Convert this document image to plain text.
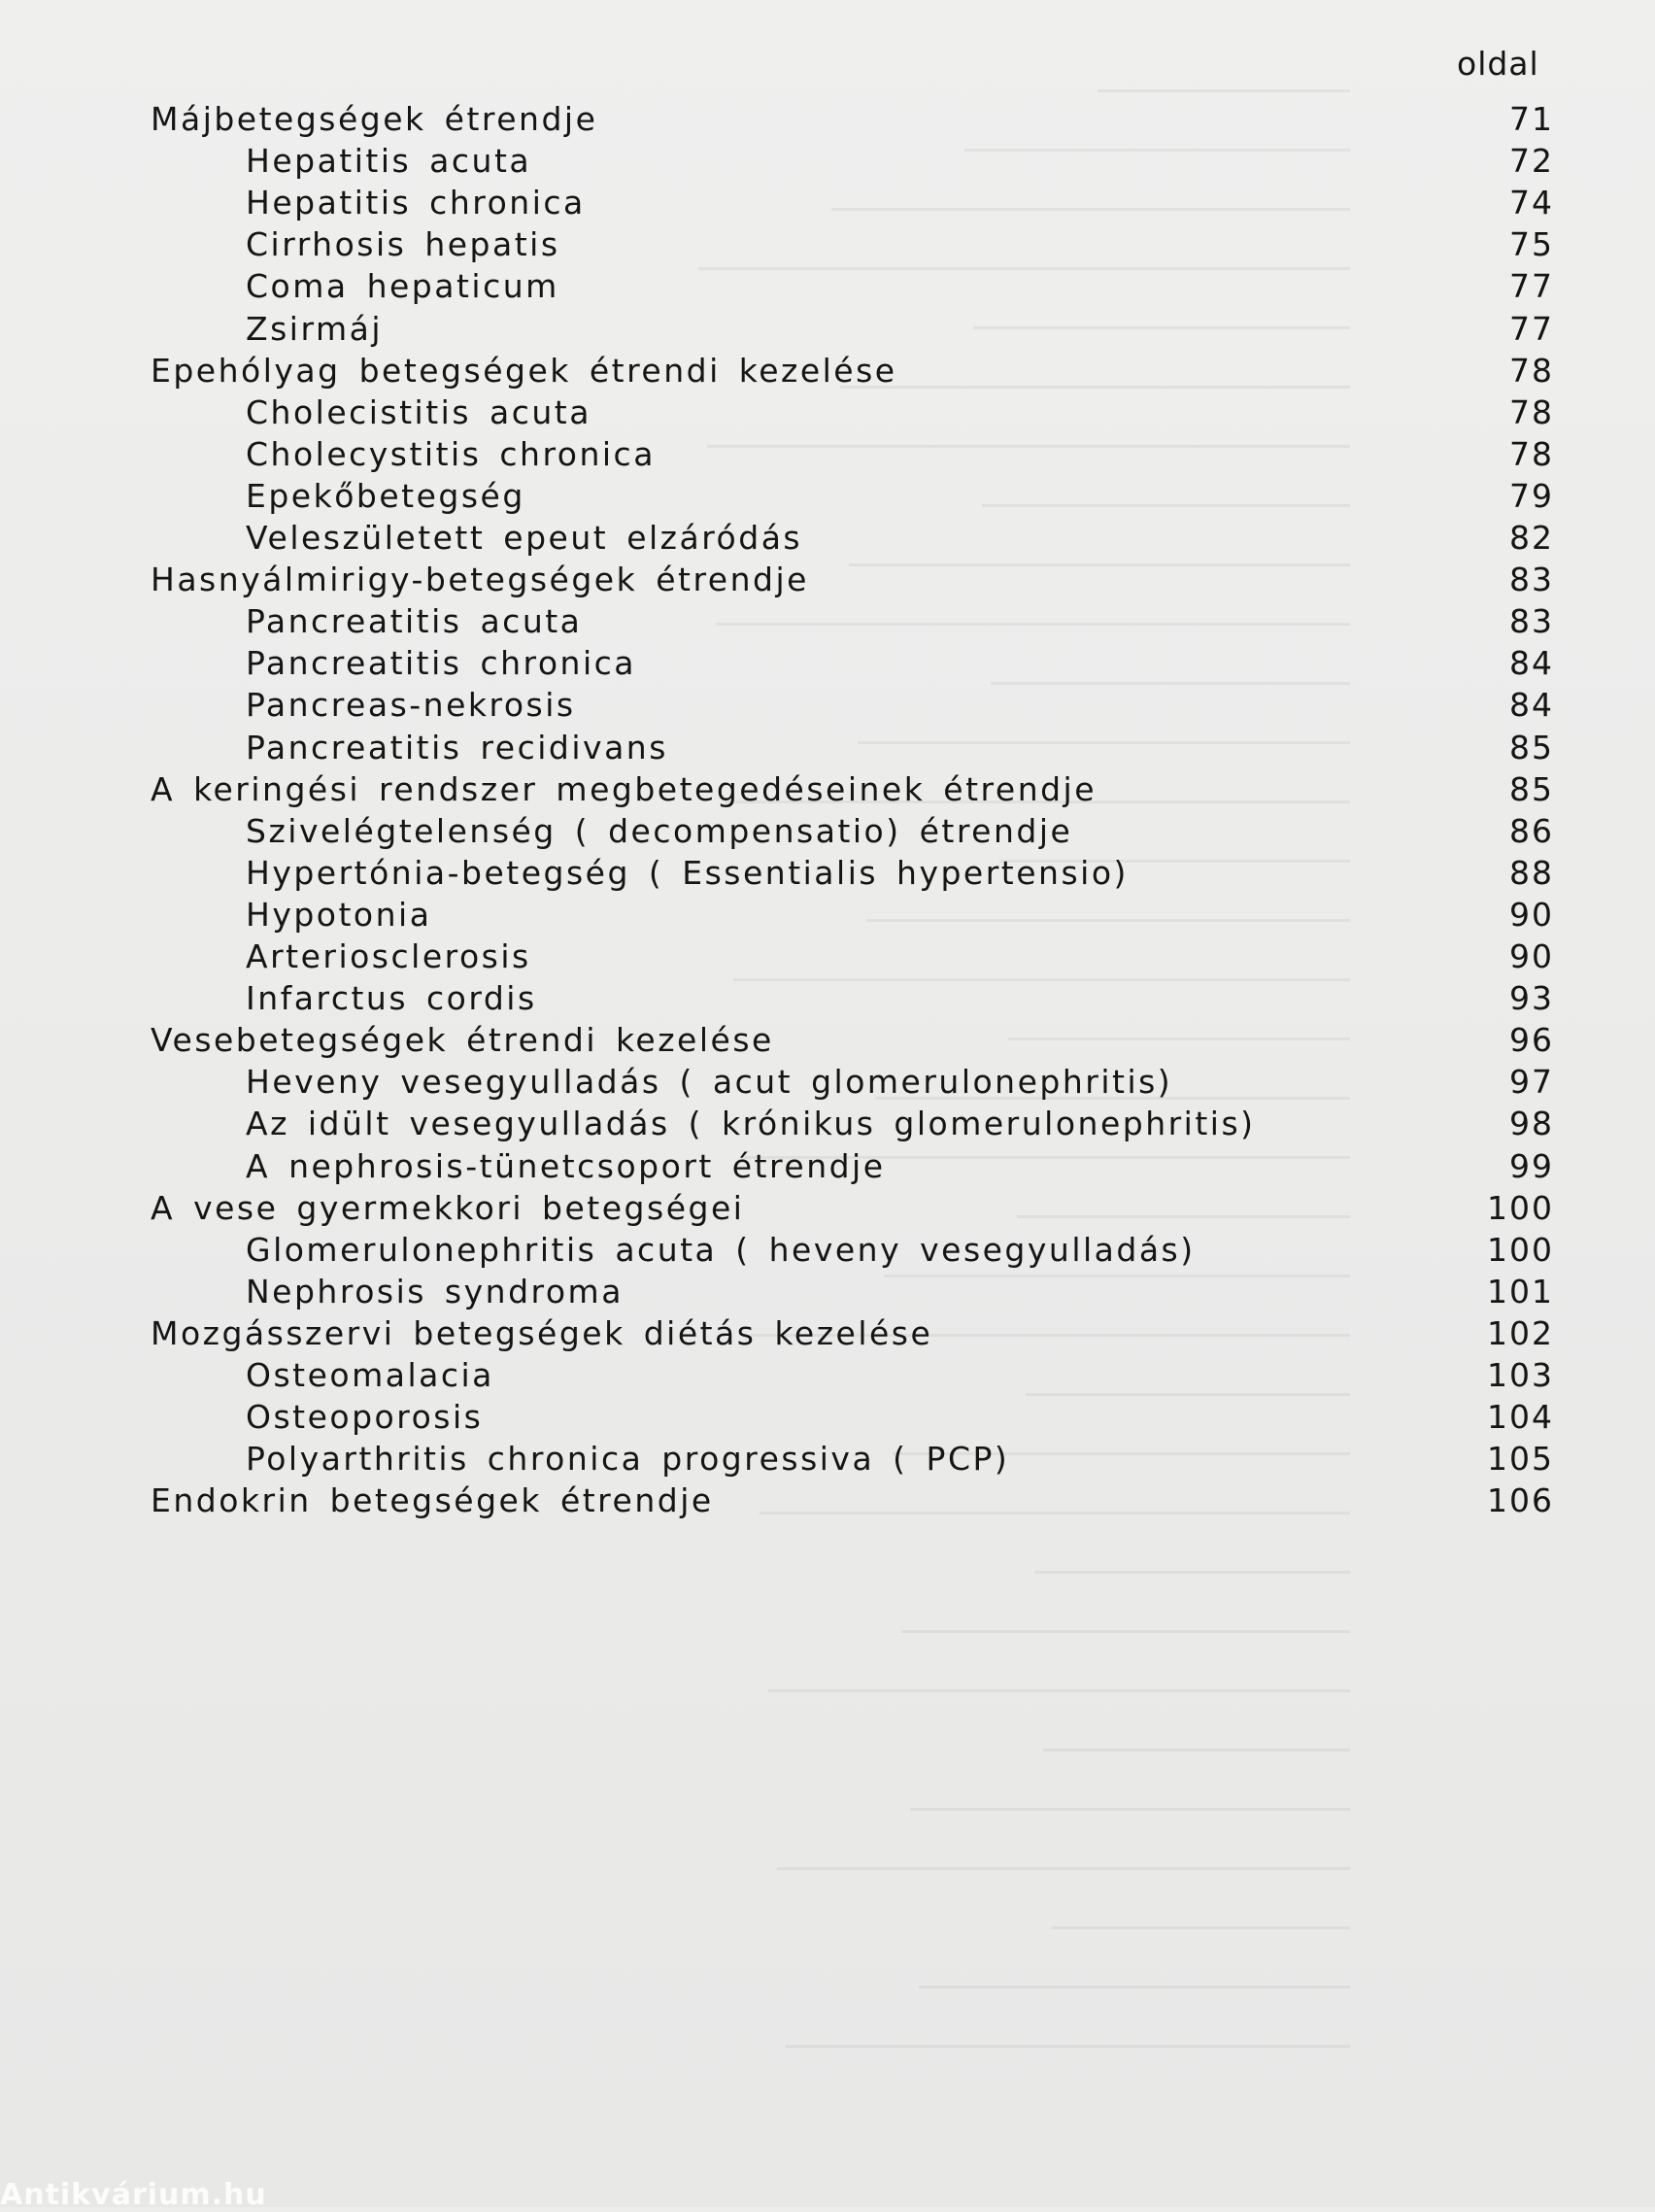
oldal
Májbetegségek étrendje	71
Hepatitis acuta	72
Hepatitis chronica	74
Cirrhosis hepatis	75
Coma hepaticum	77
Zsirmáj	77
Epehólyag betegségek étrendi kezelése	78
Cholecistitis acuta	78
Cholecystitis chronica	78
Epekőbetegség	79
Veleszületett epeut elzáródás	82
Hasnyálmirigy-betegségek étrendje	83
Pancreatitis acuta	83
Pancreatitis chronica	84
Pancreas-nekrosis	84
Pancreatitis recidivans	85
A keringési rendszer megbetegedéseinek étrendje	85
Szivelégtelenség ( decompensatio) étrendje	86
Hypertónia-betegség ( Essentialis hypertensio)	88
Hypotonia	90
Arteriosclerosis	90
Infarctus cordis	93
Vesebetegségek étrendi kezelése	96
Heveny vesegyulladás ( acut glomerulonephritis)	97
Az idült vesegyulladás ( krónikus glomerulonephritis)	98
A nephrosis-tünetcsoport étrendje	99
A vese gyermekkori betegségei	100
Glomerulonephritis acuta ( heveny vesegyulladás)	100
Nephrosis syndroma	101
Mozgásszervi betegségek diétás kezelése	102
Osteomalacia	103
Osteoporosis	104
Polyarthritis chronica progressiva ( PCP)	105
Endokrin betegségek étrendje	106
Antikvárium.hu
